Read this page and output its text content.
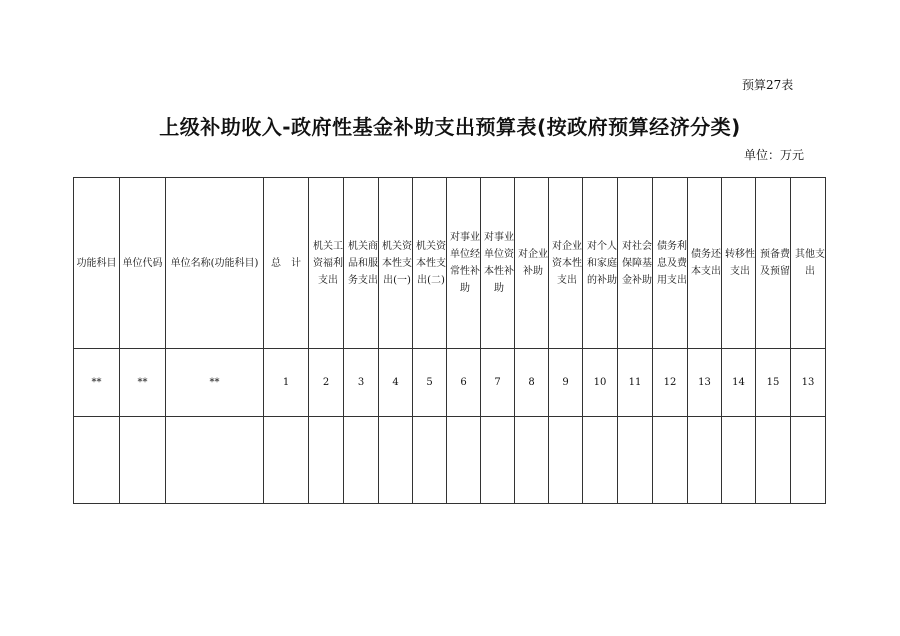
预算27表
上级补助收入-政府性基金补助支出预算表(按政府预算经济分类)
单位：万元
功能科目	单位代码	单位名称(功能科目)	总　计	机关工资福利支出	机关商品和服务支出	机关资本性支出(一)	机关资本性支出(二)	对事业单位经常性补助	对事业单位资本性补助	对企业补助	对企业资本性支出	对个人和家庭的补助	对社会保障基金补助	债务利息及费用支出	债务还本支出	转移性支出	预备费及预留	其他支出
**	**	**	1	2	3	4	5	6	7	8	9	10	11	12	13	14	15	13
